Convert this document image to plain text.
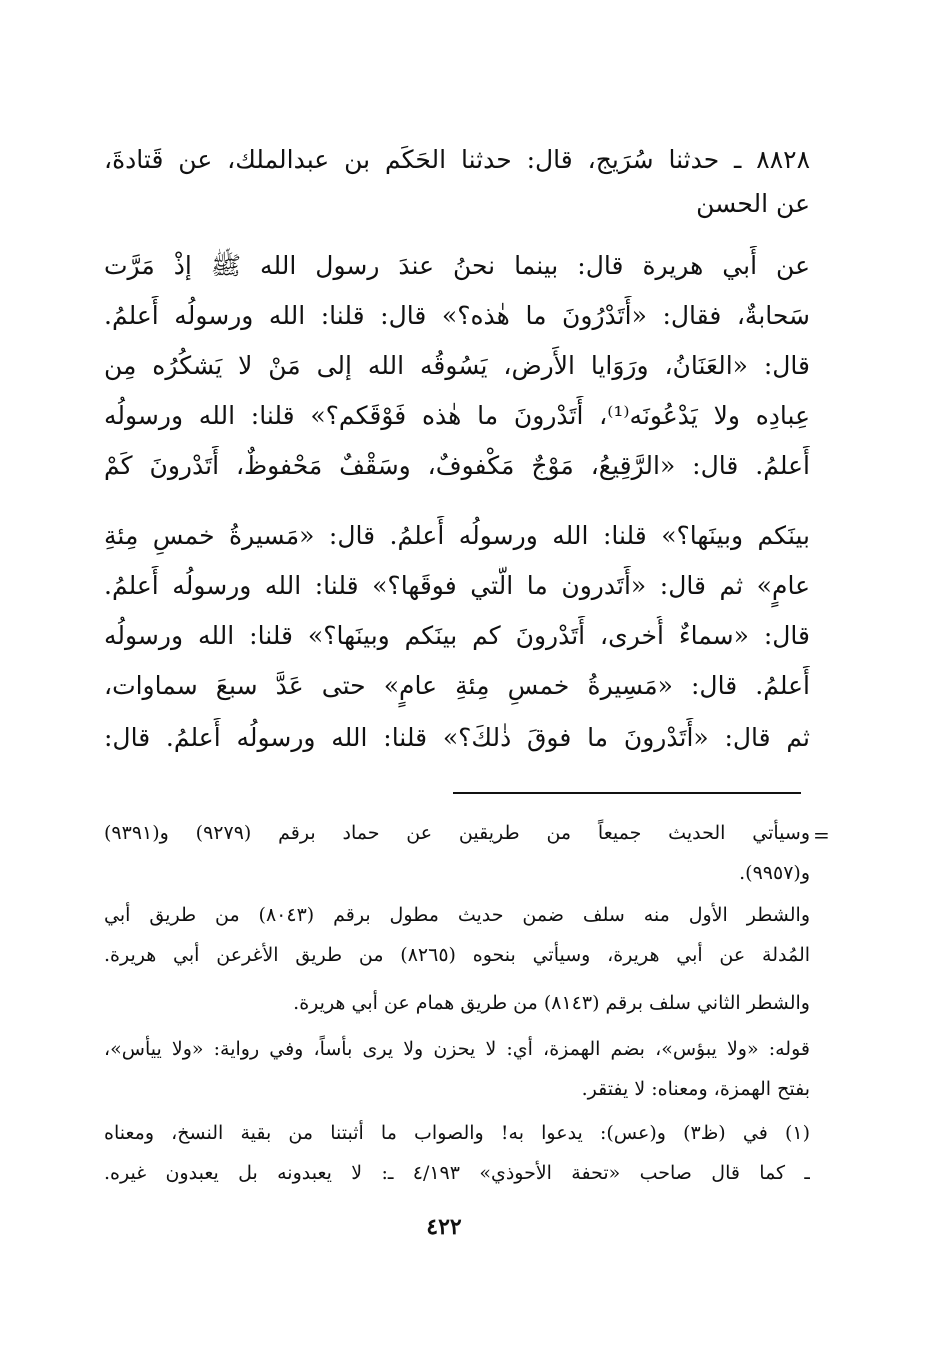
٨٨٢٨ ـ حدثنا سُرَيج، قال: حدثنا الحَكَم بن عبدالملك، عن قَتادةَ،
عن الحسن
عن أَبي هريرة قال: بينما نحنُ عندَ رسول الله ﷺ إذْ مَرَّت
سَحابةٌ، فقال: «أَتَدْرُونَ ما هٰذه؟» قال: قلنا: الله ورسولُه أَعلمُ.
قال: «العَنَانُ، ورَوَايا الأَرض، يَسُوقُه الله إلى مَنْ لا يَشكُرُه مِن
عِبادِه ولا يَدْعُونَه⁽¹⁾، أَتَدْرونَ ما هٰذه فَوْقَكم؟» قلنا: الله ورسولُه
أَعلمُ. قال: «الرَّقِيعُ، مَوْجٌ مَكْفوفٌ، وسَقْفٌ مَحْفوظٌ، أَتَدْرونَ كَمْ
بينَكم وبينَها؟» قلنا: الله ورسولُه أَعلمُ. قال: «مَسيرةُ خمسِ مِئةِ
عامٍ» ثم قال: «أَتَدرون ما الَّتي فوقَها؟» قلنا: الله ورسولُه أَعلمُ.
قال: «سماءٌ أُخرى، أَتَدْرونَ كم بينَكم وبينَها؟» قلنا: الله ورسولُه
أَعلمُ. قال: «مَسِيرةُ خمسِ مِئةِ عامٍ» حتى عَدَّ سبعَ سماوات،
ثم قال: «أَتَدْرونَ ما فوقَ ذٰلكَ؟» قلنا: الله ورسولُه أَعلمُ. قال:
=
وسيأتي الحديث جميعاً من طريقين عن حماد برقم (٩٢٧٩) و(٩٣٩١)
و(٩٩٥٧).
والشطر الأول منه سلف ضمن حديث مطول برقم (٨٠٤٣) من طريق أبي
المُدلة عن أبي هريرة، وسيأتي بنحوه (٨٢٦٥) من طريق الأغرعن أبي هريرة.
والشطر الثاني سلف برقم (٨١٤٣) من طريق همام عن أبي هريرة.
قوله: «ولا يبؤس»، بضم الهمزة، أي: لا يحزن ولا يرى بأساً، وفي رواية: «ولا ييأس»،
بفتح الهمزة، ومعناه: لا يفتقر.
(١) في (ظ٣) و(عس): يدعوا به! والصواب ما أثبتنا من بقية النسخ، ومعناه
ـ كما قال صاحب «تحفة الأحوذي» ٤/١٩٣ ـ: لا يعبدونه بل يعبدون غيره.
٤٢٢
